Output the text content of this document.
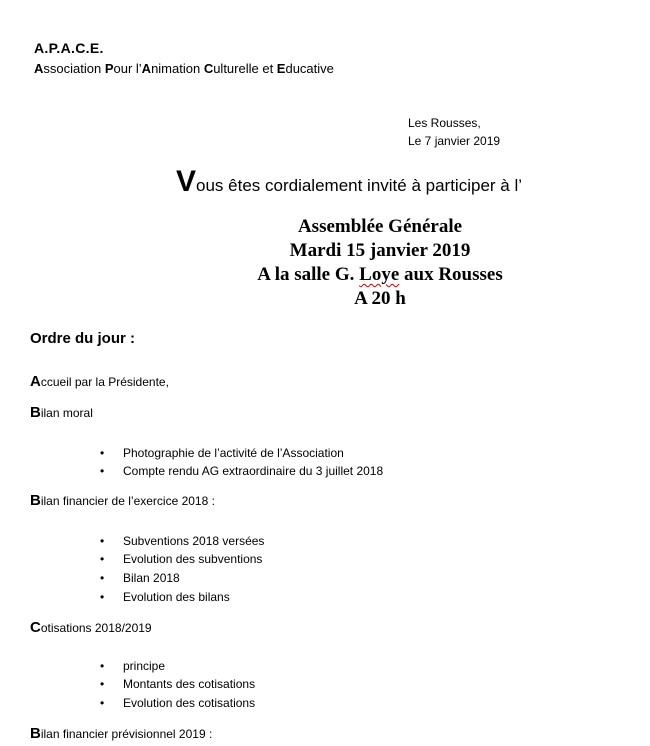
A.P.A.C.E.
Association Pour l’Animation Culturelle et Educative
Les Rousses,
Le 7 janvier 2019
Vous êtes cordialement invité à participer à l’
Assemblée Générale
Mardi 15 janvier 2019
A la salle G. Loye aux Rousses
A 20 h
Ordre du jour :
Accueil par la Présidente,
Bilan moral
• Photographie de l’activité de l’Association
• Compte rendu AG extraordinaire du 3 juillet 2018
Bilan financier de l’exercice 2018 :
• Subventions 2018 versées
• Evolution des subventions
• Bilan 2018
• Evolution des bilans
Cotisations 2018/2019
• principe
• Montants des cotisations
• Evolution des cotisations
Bilan financier prévisionnel 2019 :
